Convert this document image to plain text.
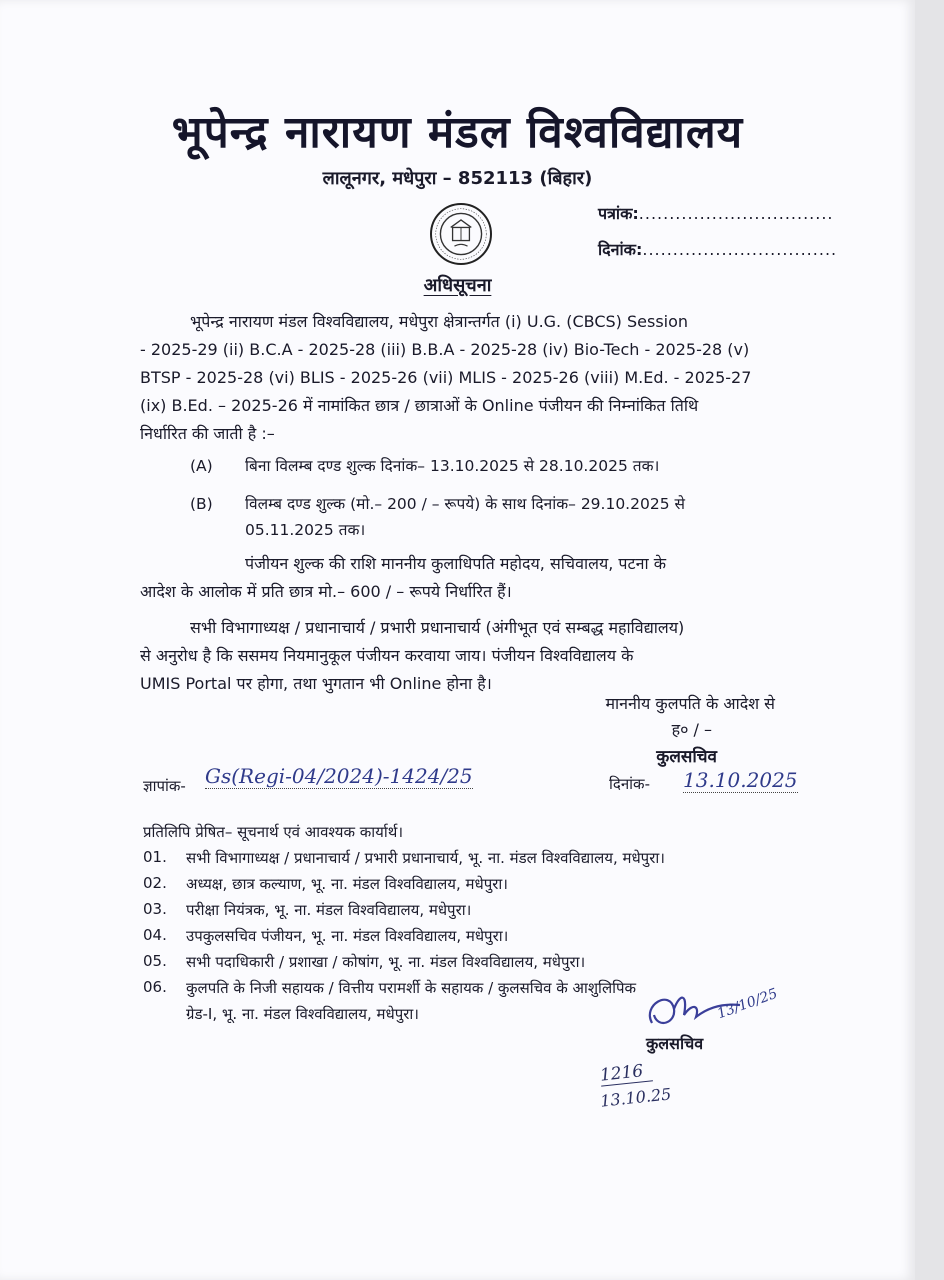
भूपेन्द्र नारायण मंडल विश्वविद्यालय
लालूनगर, मधेपुरा – 852113 (बिहार)
पत्रांक:................................
दिनांक:................................
अधिसूचना
भूपेन्द्र नारायण मंडल विश्वविद्यालय, मधेपुरा क्षेत्रान्तर्गत (i) U.G. (CBCS) Session
- 2025-29 (ii) B.C.A - 2025-28 (iii) B.B.A - 2025-28 (iv) Bio-Tech - 2025-28 (v)
BTSP - 2025-28 (vi) BLIS - 2025-26 (vii) MLIS - 2025-26 (viii) M.Ed. - 2025-27
(ix) B.Ed. – 2025-26 में नामांकित छात्र / छात्राओं के Online पंजीयन की निम्नांकित तिथि
निर्धारित की जाती है :–
(A) बिना विलम्ब दण्ड शुल्क दिनांक– 13.10.2025 से 28.10.2025 तक।
(B) विलम्ब दण्ड शुल्क (मो.– 200 / – रूपये) के साथ दिनांक– 29.10.2025 से
05.11.2025 तक।
पंजीयन शुल्क की राशि माननीय कुलाधिपति महोदय, सचिवालय, पटना के
आदेश के आलोक में प्रति छात्र मो.– 600 / – रूपये निर्धारित हैं।
सभी विभागाध्यक्ष / प्रधानाचार्य / प्रभारी प्रधानाचार्य (अंगीभूत एवं सम्बद्ध महाविद्यालय)
से अनुरोध है कि ससमय नियमानुकूल पंजीयन करवाया जाय। पंजीयन विश्वविद्यालय के
UMIS Portal पर होगा, तथा भुगतान भी Online होना है।
माननीय कुलपति के आदेश से
ह० / –
कुलसचिव
ज्ञापांक- Gs(Regi-04/2024)-1424/25	दिनांक- 13.10.2025
प्रतिलिपि प्रेषित– सूचनार्थ एवं आवश्यक कार्यार्थ।
01. सभी विभागाध्यक्ष / प्रधानाचार्य / प्रभारी प्रधानाचार्य, भू. ना. मंडल विश्वविद्यालय, मधेपुरा।
02. अध्यक्ष, छात्र कल्याण, भू. ना. मंडल विश्वविद्यालय, मधेपुरा।
03. परीक्षा नियंत्रक, भू. ना. मंडल विश्वविद्यालय, मधेपुरा।
04. उपकुलसचिव पंजीयन, भू. ना. मंडल विश्वविद्यालय, मधेपुरा।
05. सभी पदाधिकारी / प्रशाखा / कोषांग, भू. ना. मंडल विश्वविद्यालय, मधेपुरा।
06. कुलपति के निजी सहायक / वित्तीय परामर्शी के सहायक / कुलसचिव के आशुलिपिक
ग्रेड-I, भू. ना. मंडल विश्वविद्यालय, मधेपुरा।	13/10/25
कुलसचिव
1216
13.10.25
